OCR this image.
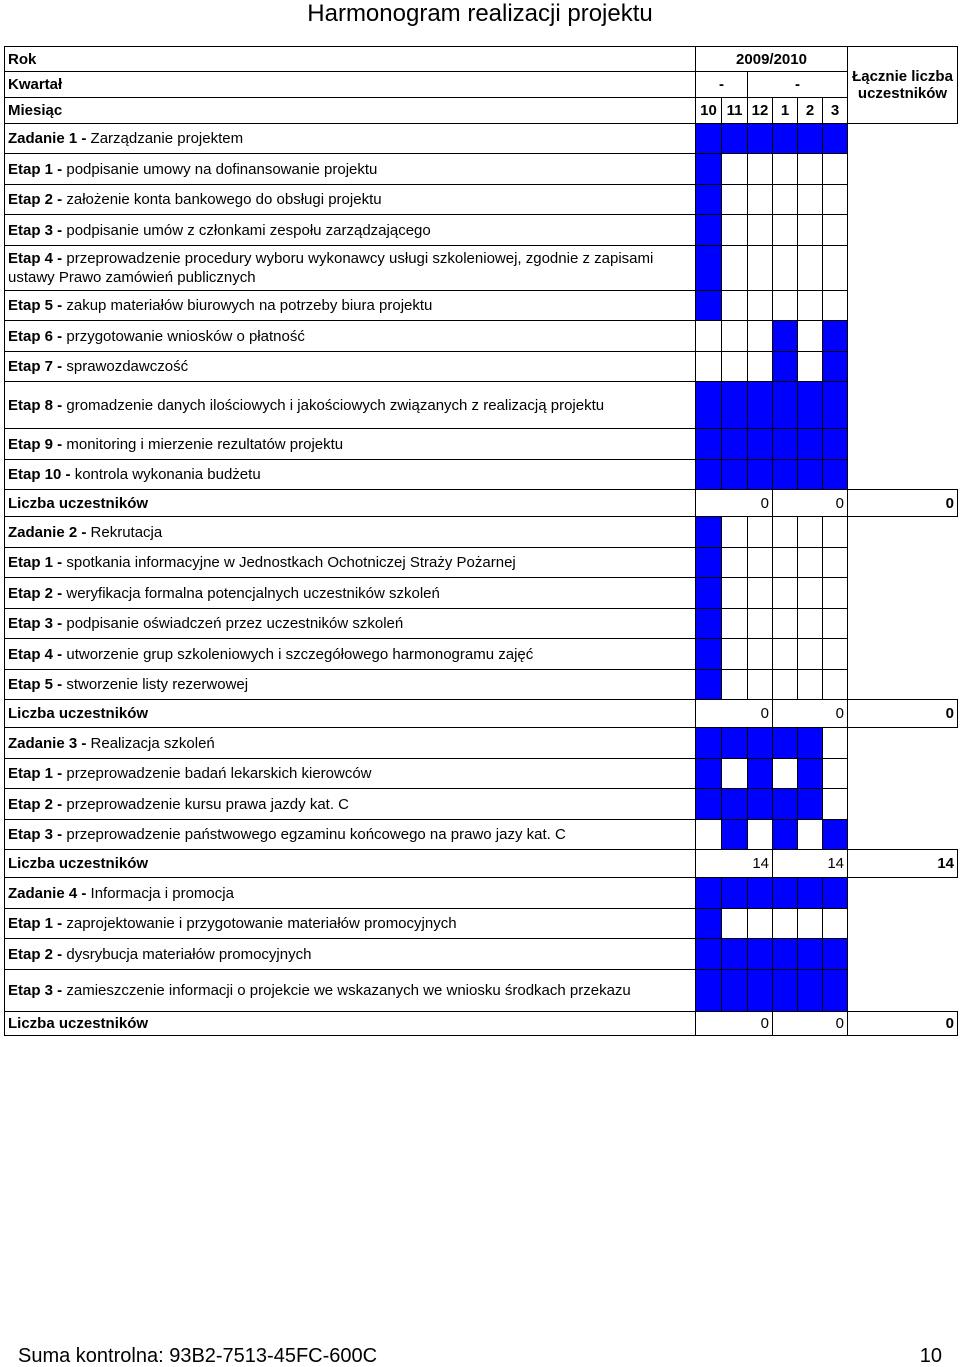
Harmonogram realizacji projektu
Rok	2009/2010						Łącznie liczba uczestników
Kwartał	-		-				
Miesiąc	10	11	12	1	2	3	
Zadanie 1 - Zarządzanie projektem							
Etap 1 - podpisanie umowy na dofinansowanie projektu							
Etap 2 - założenie konta bankowego do obsługi projektu							
Etap 3 - podpisanie umów z członkami zespołu zarządzającego							
Etap 4 - przeprowadzenie procedury wyboru wykonawcy usługi szkoleniowej, zgodnie z zapisami ustawy Prawo zamówień publicznych							
Etap 5 - zakup materiałów biurowych na potrzeby biura projektu							
Etap 6 - przygotowanie wniosków o płatność							
Etap 7 - sprawozdawczość							
Etap 8 - gromadzenie danych ilościowych i jakościowych związanych z realizacją projektu							
Etap 9 - monitoring i mierzenie rezultatów projektu							
Etap 10 - kontrola wykonania budżetu							
Liczba uczestników	0			0			0
Zadanie 2 - Rekrutacja							
Etap 1 - spotkania informacyjne w Jednostkach Ochotniczej Straży Pożarnej							
Etap 2 - weryfikacja formalna potencjalnych uczestników szkoleń							
Etap 3 - podpisanie oświadczeń przez uczestników szkoleń							
Etap 4 - utworzenie grup szkoleniowych i szczegółowego harmonogramu zajęć							
Etap 5 - stworzenie listy rezerwowej							
Liczba uczestników	0			0			0
Zadanie 3 - Realizacja szkoleń							
Etap 1 - przeprowadzenie badań lekarskich kierowców							
Etap 2 - przeprowadzenie kursu prawa jazdy kat. C							
Etap 3 - przeprowadzenie państwowego egzaminu końcowego na prawo jazy kat. C							
Liczba uczestników	14			14			14
Zadanie 4 - Informacja i promocja							
Etap 1 - zaprojektowanie i przygotowanie materiałów promocyjnych							
Etap 2 - dysrybucja materiałów promocyjnych							
Etap 3 - zamieszczenie informacji o projekcie we wskazanych we wniosku środkach przekazu							
Liczba uczestników	0			0			0
Suma kontrolna: 93B2-7513-45FC-600C	10
